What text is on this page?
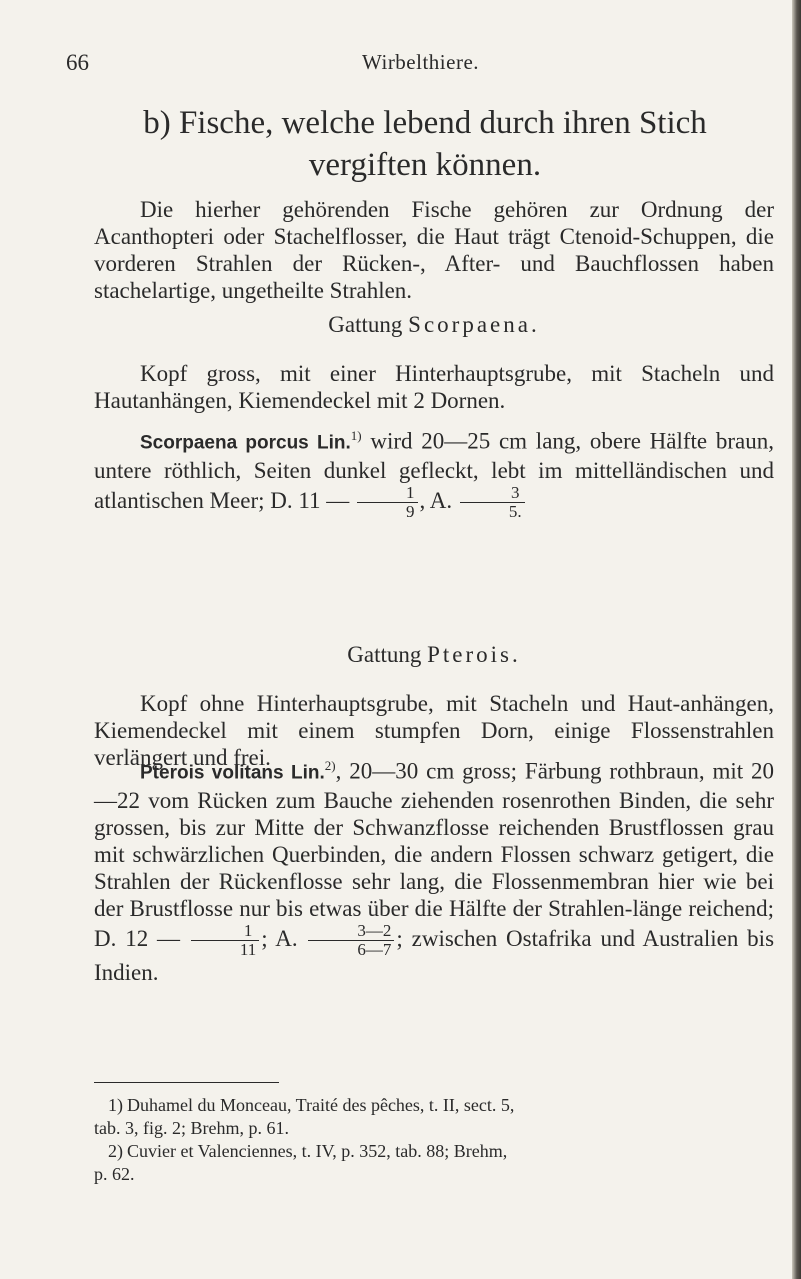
66	Wirbelthiere.
b) Fische, welche lebend durch ihren Stich
vergiften können.

Die hierher gehörenden Fische gehören zur Ordnung der Acanthopteri oder Stachelflosser, die Haut trägt Ctenoid-Schuppen, die vorderen Strahlen der Rücken-, After- und Bauchflossen haben stachelartige, ungetheilte Strahlen.

Gattung Scorpaena.

Kopf gross, mit einer Hinterhauptsgrube, mit Stacheln und Hautanhängen, Kiemendeckel mit 2 Dornen.

Scorpaena porcus Lin.$^{1)}$ wird 20—25 cm lang, obere Hälfte braun, untere röthlich, Seiten dunkel gefleckt, lebt im mittelländischen und atlantischen Meer; D. 11 — $\frac{1}{9}$ , A. $\frac{3}{5.}$

Gattung Pterois.

Kopf ohne Hinterhauptsgrube, mit Stacheln und Haut-anhängen, Kiemendeckel mit einem stumpfen Dorn, einige Flossenstrahlen verlängert und frei.

Pterois volitans Lin.$^{2)}$, 20—30 cm gross; Färbung rothbraun, mit 20—22 vom Rücken zum Bauche ziehenden rosenrothen Binden, die sehr grossen, bis zur Mitte der Schwanzflosse reichenden Brustflossen grau mit schwärzlichen Querbinden, die andern Flossen schwarz getigert, die Strahlen der Rückenflosse sehr lang, die Flossenmembran hier wie bei der Brustflosse nur bis etwas über die Hälfte der Strahlen-länge reichend; D. 12 — $\frac{1}{11}$ ; A. $\frac{3—2}{6—7}$ ; zwischen Ostafrika und Australien bis Indien.

1) Duhamel du Monceau, Traité des pêches, t. II, sect. 5,
tab. 3, fig. 2; Brehm, p. 61.
2) Cuvier et Valenciennes, t. IV, p. 352, tab. 88; Brehm,
p. 62.
